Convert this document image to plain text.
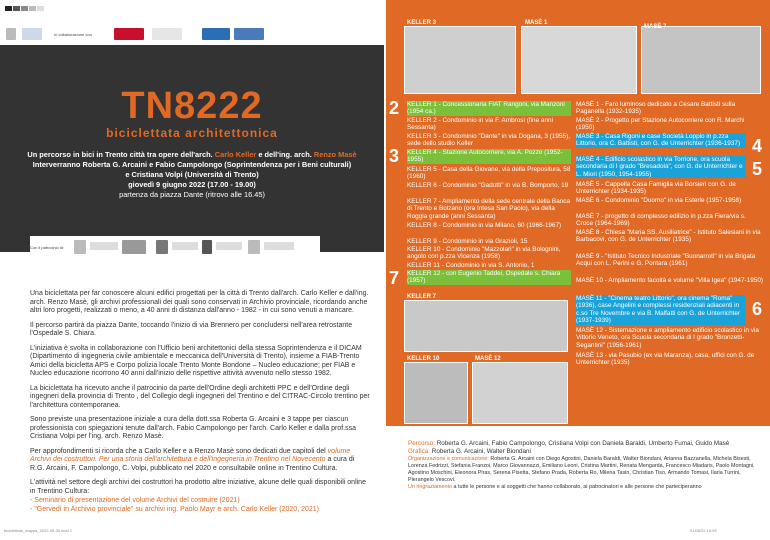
In collaborazione con
TN8222
biciclettata architettonica
Un percorso in bici in Trento città tra opere dell'arch. Carlo Keller e dell'ing. arch. Renzo Masè
Interverranno Roberta G. Arcaini e Fabio Campolongo (Soprintendenza per i Beni culturali)
e Cristiana Volpi (Università di Trento)
giovedì 9 giugno 2022 (17.00 - 19.00)
partenza da piazza Dante (ritrovo alle 16.45)
Con il patrocinio di:

Una biciclettata per far conoscere alcuni edifici progettati per la città di Trento dall'arch. Carlo Keller e dall'ing. arch. Renzo Masè, gli archivi professionali dei quali sono conservati in Archivio provinciale, ricordando anche altri loro progetti, realizzati o meno, a 40 anni di distanza dall'anno - 1982 - in cui sono venuti a mancare.

Il percorso partirà da piazza Dante, toccando l'inizio di via Brennero per concludersi nell'area retrostante l'Ospedale S. Chiara.

L'iniziativa è svolta in collaborazione con l'Ufficio beni architettonici della stessa Soprintendenza e il DICAM (Dipartimento di ingegneria civile ambientale e meccanica dell'Università di Trento), insieme a FIAB-Trento Amici della bicicletta APS e Corpo polizia locale Trento Monte Bondone – Nucleo educazione; per FIAB e Nucleo educazione ricorrono 40 anni dall'inizio delle rispettive attività avvenuto nello stesso 1982.

La biciclettata ha ricevuto anche il patrocinio da parte dell'Ordine degli architetti PPC e dell'Ordine degli ingegneri della provincia di Trento , del Collegio degli ingegneri del Trentino e del CITRAC-Circolo trentino per l'architettura contemporanea.

Sono previste una presentazione iniziale a cura della dott.ssa Roberta G. Arcaini e 3 tappe per ciascun professionista con spiegazioni tenute dall'arch. Fabio Campolongo per l'arch. Carlo Keller e dalla prof.ssa Cristiana Volpi per l'ing. arch. Renzo Masè.

Per approfondimenti si ricorda che a Carlo Keller e a Renzo Masè sono dedicati due capitoli del volume Archivi dei costruttori. Per una storia dell'architettura e dell'ingegneria in Trentino nel Novecento a cura di R.G. Arcaini, F. Campolongo, C. Volpi, pubblicato nel 2020 e consultabile online in Trentino Cultura.

L'attività nel settore degli archivi dei costruttori ha prodotto altre iniziative, alcune delle quali disponibili online in Trentino Cultura:

- Seminario di presentazione del volume Archivi del costruire (2021)
- "Gervedì in Archivio provinciale" su archivi ing. Paolo Mayr e arch. Carlo Keller (2020, 2021)
biciclettata_mappa_2022-05-30.indd 1
KELLER 3	MASÈ 1
MASÈ 7
2
3	4
5
6
7
KELLER 1 - Concessionaria FIAT Rangoni, via Manzoni (1954 ca.)
KELLER 2 - Condominio in via F. Ambrosi (fine anni Sessanta)
KELLER 3 - Condominio "Dante" in via Dogana, 3 (1955), sede dello studio Keller
KELLER 4 - Stazione Autocorriere, via A. Pozzo (1952-1955)
KELLER 5 - Casa della Giovane, via della Prepositura, 58 (1960)
KELLER 6 - Condominio "Gadotti" in via B. Bomporto, 19
KELLER 7 - Ampliamento della sede centrale della Banca di Trento e Bolzano (ora Intesa San Paolo), via della Roggia grande (anni Sessanta)
KELLER 8 - Condominio in via Milano, 60 (1966-1967)
KELLER 9 - Condominio in via Grazioli, 15
KELLER 10 - Condominio "Mazzolari" in via Bolognini, angolo con p.zza Vicenza (1958)
KELLER 11 - Condominio in via S. Antonio, 1
KELLER 12 - con Eugenio Taddei, Ospedale s. Chiara (1957)
MASÈ 1 - Faro luminoso dedicato a Cesare Battisti sulla Paganella (1932-1935)
MASÈ 2 - Progetto per Stazione Autocorriere con R. Marchi (1950)
MASÈ 3 - Casa Rigoni e case Società Loppio in p.zza Littorio, ora C. Battisti, con G. de Unterrichter (1936-1937)
MASÈ 4 - Edificio scolastico in via Torrione, ora scuola secondaria di I grado "Bresadola", con G. de Unterrichter e L. Miori (1950, 1954-1955)
MASÈ 5 - Cappella Casa Famiglia via Borsieri con G. de Unterrichter (1934-1935)
MASÈ 6 - Condominio "Duomo" in via Esterle (1957-1958)
MASÈ 7 - progetto di complesso edilizio in p.zza Fiera/via s. Croce (1964-1969)
MASÈ 8 - Chiesa "Maria SS. Ausiliatrice" - Istituto Salesiani in via Barbacovi, con G. de Unterrichter (1935)
MASÈ 9 - "Istituto Tecnico Industriale "Buonarroti" in via Brigata Acqui con L. Perini e G. Pontara (1961)
MASÈ 10 - Ampliamento facoltà e volume "Villa Igea" (1947-1950)
MASÈ 11 - "Cinema teatro Littorio", ora cinema "Roma" (1936), case Angelini e complessi residenziali adiacenti in c.so Tre Novembre e via B. Malfatti con G. de Unterrichter (1937-1939)
MASÈ 12 - Sistemazione e ampliamento edificio scolastico in via Vittorio Veneto, ora Scuola secondaria di I grado "Bronzetti-Segantini" (1956-1961)
MASÈ 13 - via Pasubio (ex via Maranza), casa, uffici con G. de Unterrichter (1935)
KELLER 7
KELLER 10	MASÈ 12
Percorso: Roberta G. Arcaini, Fabio Campolongo, Cristiana Volpi con Daniela Baraldi, Umberto Fumai, Guido Masè
Grafica: Roberta G. Arcaini, Walter Biondani
Organizzazione e comunicazione: Roberta G. Arcaini con Diego Agostini, Daniela Baraldi, Walter Biondani, Arianna Bazzanella, Michela Bisesti, Lorenza Fedrizzi, Stefania Franzoi, Marco Giovannazzi, Emiliano Leoni, Cristina Martini, Renata Mengarda, Francesco Miadaris, Paolo Montagni, Agostino Moschini, Eleonora Piras, Serena Pisetta, Stefano Prada, Roberta Ro, Milena Tasin, Christian Tiso, Armando Tomasi, Ilaria Turrini, Pierangelo Vescovi.
Un ringraziamento a tutte le persone e ai soggetti che hanno collaborato, ai patrocinatori e alle persone che parteciperanno
01/06/22 10:59
